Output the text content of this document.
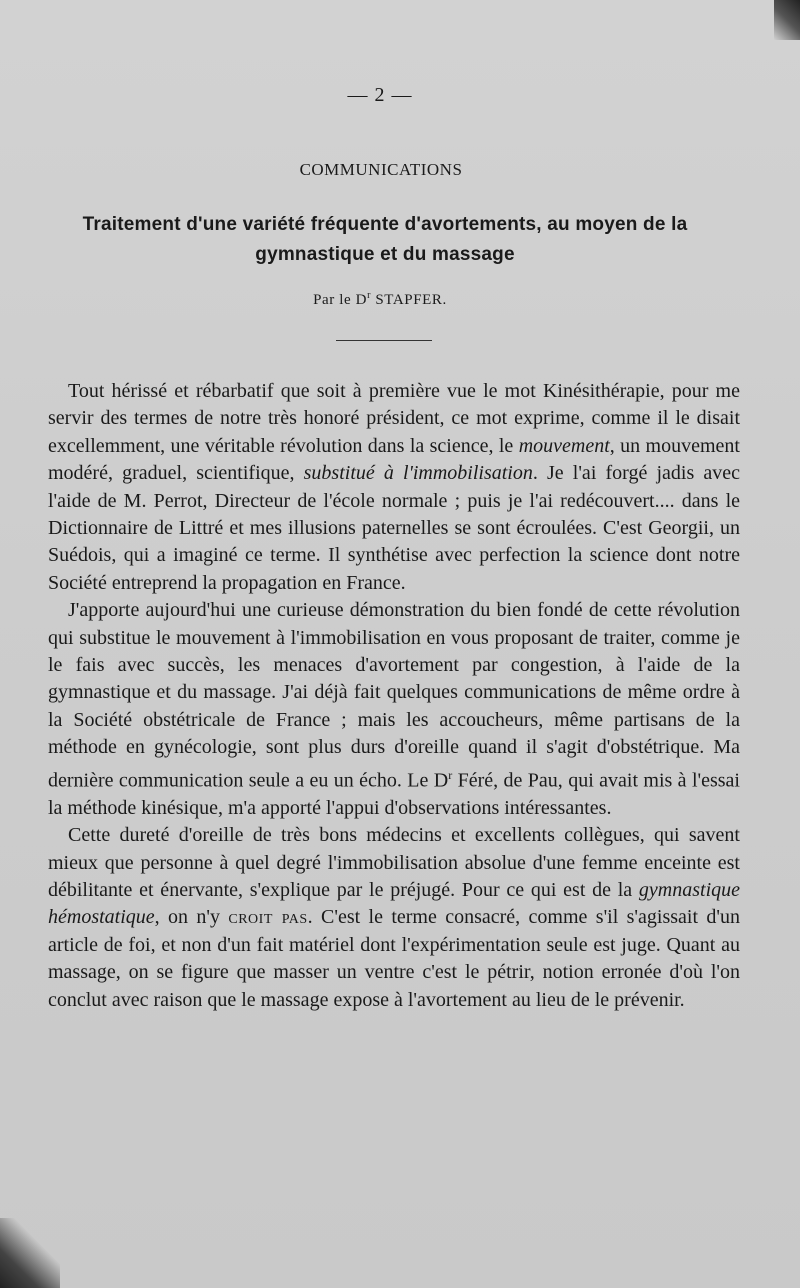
— 2 —
COMMUNICATIONS
Traitement d'une variété fréquente d'avortements, au moyen de la gymnastique et du massage
Par le $D^r$ STAPFER.

Tout hérissé et rébarbatif que soit à première vue le mot Kinésithérapie, pour me servir des termes de notre très honoré président, ce mot exprime, comme il le disait excellemment, une véritable révolution dans la science, le mouvement, un mouvement modéré, graduel, scientifique, substitué à l'immobilisation. Je l'ai forgé jadis avec l'aide de M. Perrot, Directeur de l'école normale ; puis je l'ai redécouvert.... dans le Dictionnaire de Littré et mes illusions paternelles se sont écroulées. C'est Georgii, un Suédois, qui a imaginé ce terme. Il synthétise avec perfection la science dont notre Société entreprend la propagation en France.

J'apporte aujourd'hui une curieuse démonstration du bien fondé de cette révolution qui substitue le mouvement à l'immobilisation en vous proposant de traiter, comme je le fais avec succès, les menaces d'avortement par congestion, à l'aide de la gymnastique et du massage. J'ai déjà fait quelques communications de même ordre à la Société obstétricale de France ; mais les accoucheurs, même partisans de la méthode en gynécologie, sont plus durs d'oreille quand il s'agit d'obstétrique. Ma dernière communication seule a eu un écho. Le $D^r$ Féré, de Pau, qui avait mis à l'essai la méthode kinésique, m'a apporté l'appui d'observations intéressantes.

Cette dureté d'oreille de très bons médecins et excellents collègues, qui savent mieux que personne à quel degré l'immobilisation absolue d'une femme enceinte est débilitante et énervante, s'explique par le préjugé. Pour ce qui est de la gymnastique hémostatique, on n'y croit pas. C'est le terme consacré, comme s'il s'agissait d'un article de foi, et non d'un fait matériel dont l'expérimentation seule est juge. Quant au massage, on se figure que masser un ventre c'est le pétrir, notion erronée d'où l'on conclut avec raison que le massage expose à l'avortement au lieu de le prévenir.
